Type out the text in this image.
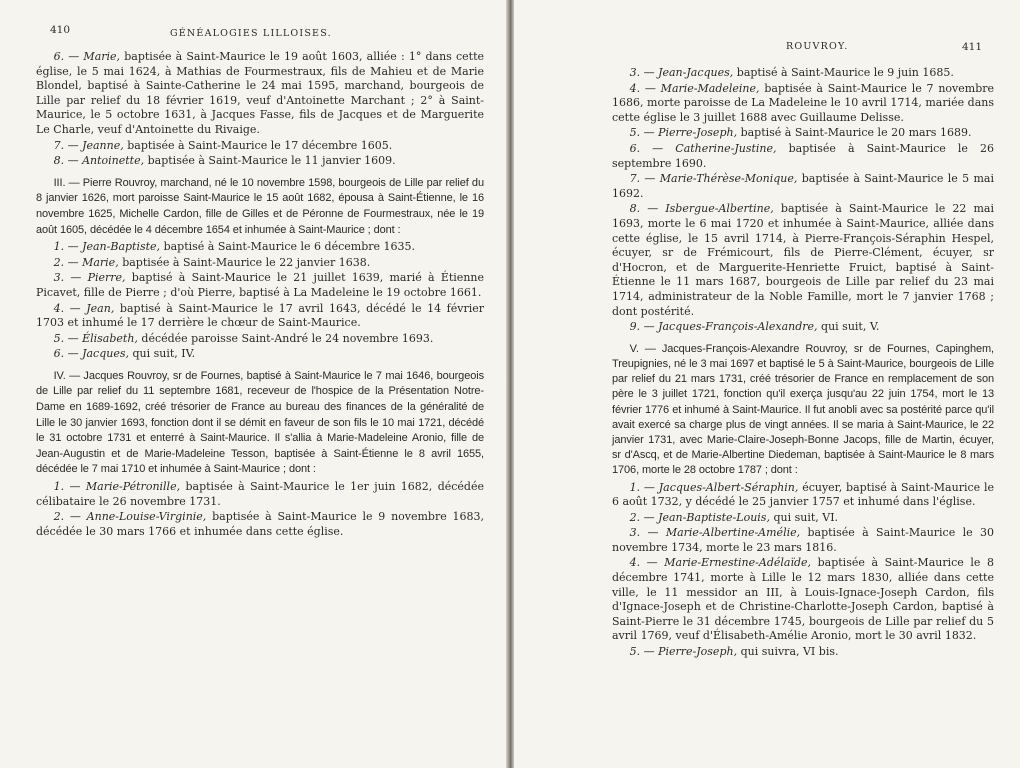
410	GÉNÉALOGIES LILLOISES.
6. — Marie, baptisée à Saint-Maurice le 19 août 1603, alliée : 1° dans cette église, le 5 mai 1624, à Mathias de Fourmestraux, fils de Mahieu et de Marie Blondel, baptisé à Sainte-Catherine le 24 mai 1595, marchand, bourgeois de Lille par relief du 18 février 1619, veuf d'Antoinette Marchant ; 2° à Saint-Maurice, le 5 octobre 1631, à Jacques Fasse, fils de Jacques et de Marguerite Le Charle, veuf d'Antoinette du Rivaige.
7. — Jeanne, baptisée à Saint-Maurice le 17 décembre 1605.
8. — Antoinette, baptisée à Saint-Maurice le 11 janvier 1609.
III. — Pierre Rouvroy, marchand, né le 10 novembre 1598, bourgeois de Lille par relief du 8 janvier 1626, mort paroisse Saint-Maurice le 15 août 1682, épousa à Saint-Étienne, le 16 novembre 1625, Michelle Cardon, fille de Gilles et de Péronne de Fourmestraux, née le 19 août 1605, décédée le 4 décembre 1654 et inhumée à Saint-Maurice ; dont :
1. — Jean-Baptiste, baptisé à Saint-Maurice le 6 décembre 1635.
2. — Marie, baptisée à Saint-Maurice le 22 janvier 1638.
3. — Pierre, baptisé à Saint-Maurice le 21 juillet 1639, marié à Étienne Picavet, fille de Pierre ; d'où Pierre, baptisé à La Madeleine le 19 octobre 1661.
4. — Jean, baptisé à Saint-Maurice le 17 avril 1643, décédé le 14 février 1703 et inhumé le 17 derrière le chœur de Saint-Maurice.
5. — Élisabeth, décédée paroisse Saint-André le 24 novembre 1693.
6. — Jacques, qui suit, IV.
IV. — Jacques Rouvroy, sr de Fournes, baptisé à Saint-Maurice le 7 mai 1646, bourgeois de Lille par relief du 11 septembre 1681, receveur de l'hospice de la Présentation Notre-Dame en 1689-1692, créé trésorier de France au bureau des finances de la généralité de Lille le 30 janvier 1693, fonction dont il se démit en faveur de son fils le 10 mai 1721, décédé le 31 octobre 1731 et enterré à Saint-Maurice. Il s'allia à Marie-Madeleine Aronio, fille de Jean-Augustin et de Marie-Madeleine Tesson, baptisée à Saint-Étienne le 8 avril 1655, décédée le 7 mai 1710 et inhumée à Saint-Maurice ; dont :
1. — Marie-Pétronille, baptisée à Saint-Maurice le 1er juin 1682, décédée célibataire le 26 novembre 1731.
2. — Anne-Louise-Virginie, baptisée à Saint-Maurice le 9 novembre 1683, décédée le 30 mars 1766 et inhumée dans cette église.
ROUVROY.	411
3. — Jean-Jacques, baptisé à Saint-Maurice le 9 juin 1685.
4. — Marie-Madeleine, baptisée à Saint-Maurice le 7 novembre 1686, morte paroisse de La Madeleine le 10 avril 1714, mariée dans cette église le 3 juillet 1688 avec Guillaume Delisse.
5. — Pierre-Joseph, baptisé à Saint-Maurice le 20 mars 1689.
6. — Catherine-Justine, baptisée à Saint-Maurice le 26 septembre 1690.
7. — Marie-Thérèse-Monique, baptisée à Saint-Maurice le 5 mai 1692.
8. — Isbergue-Albertine, baptisée à Saint-Maurice le 22 mai 1693, morte le 6 mai 1720 et inhumée à Saint-Maurice, alliée dans cette église, le 15 avril 1714, à Pierre-François-Séraphin Hespel, écuyer, sr de Frémicourt, fils de Pierre-Clément, écuyer, sr d'Hocron, et de Marguerite-Henriette Fruict, baptisé à Saint-Étienne le 11 mars 1687, bourgeois de Lille par relief du 23 mai 1714, administrateur de la Noble Famille, mort le 7 janvier 1768 ; dont postérité.
9. — Jacques-François-Alexandre, qui suit, V.
V. — Jacques-François-Alexandre Rouvroy, sr de Fournes, Capinghem, Treupignies, né le 3 mai 1697 et baptisé le 5 à Saint-Maurice, bourgeois de Lille par relief du 21 mars 1731, créé trésorier de France en remplacement de son père le 3 juillet 1721, fonction qu'il exerça jusqu'au 22 juin 1754, mort le 13 février 1776 et inhumé à Saint-Maurice. Il fut anobli avec sa postérité parce qu'il avait exercé sa charge plus de vingt années. Il se maria à Saint-Maurice, le 22 janvier 1731, avec Marie-Claire-Joseph-Bonne Jacops, fille de Martin, écuyer, sr d'Ascq, et de Marie-Albertine Diedeman, baptisée à Saint-Maurice le 8 mars 1706, morte le 28 octobre 1787 ; dont :
1. — Jacques-Albert-Séraphin, écuyer, baptisé à Saint-Maurice le 6 août 1732, y décédé le 25 janvier 1757 et inhumé dans l'église.
2. — Jean-Baptiste-Louis, qui suit, VI.
3. — Marie-Albertine-Amélie, baptisée à Saint-Maurice le 30 novembre 1734, morte le 23 mars 1816.
4. — Marie-Ernestine-Adélaïde, baptisée à Saint-Maurice le 8 décembre 1741, morte à Lille le 12 mars 1830, alliée dans cette ville, le 11 messidor an III, à Louis-Ignace-Joseph Cardon, fils d'Ignace-Joseph et de Christine-Charlotte-Joseph Cardon, baptisé à Saint-Pierre le 31 décembre 1745, bourgeois de Lille par relief du 5 avril 1769, veuf d'Élisabeth-Amélie Aronio, mort le 30 avril 1832.
5. — Pierre-Joseph, qui suivra, VI bis.
